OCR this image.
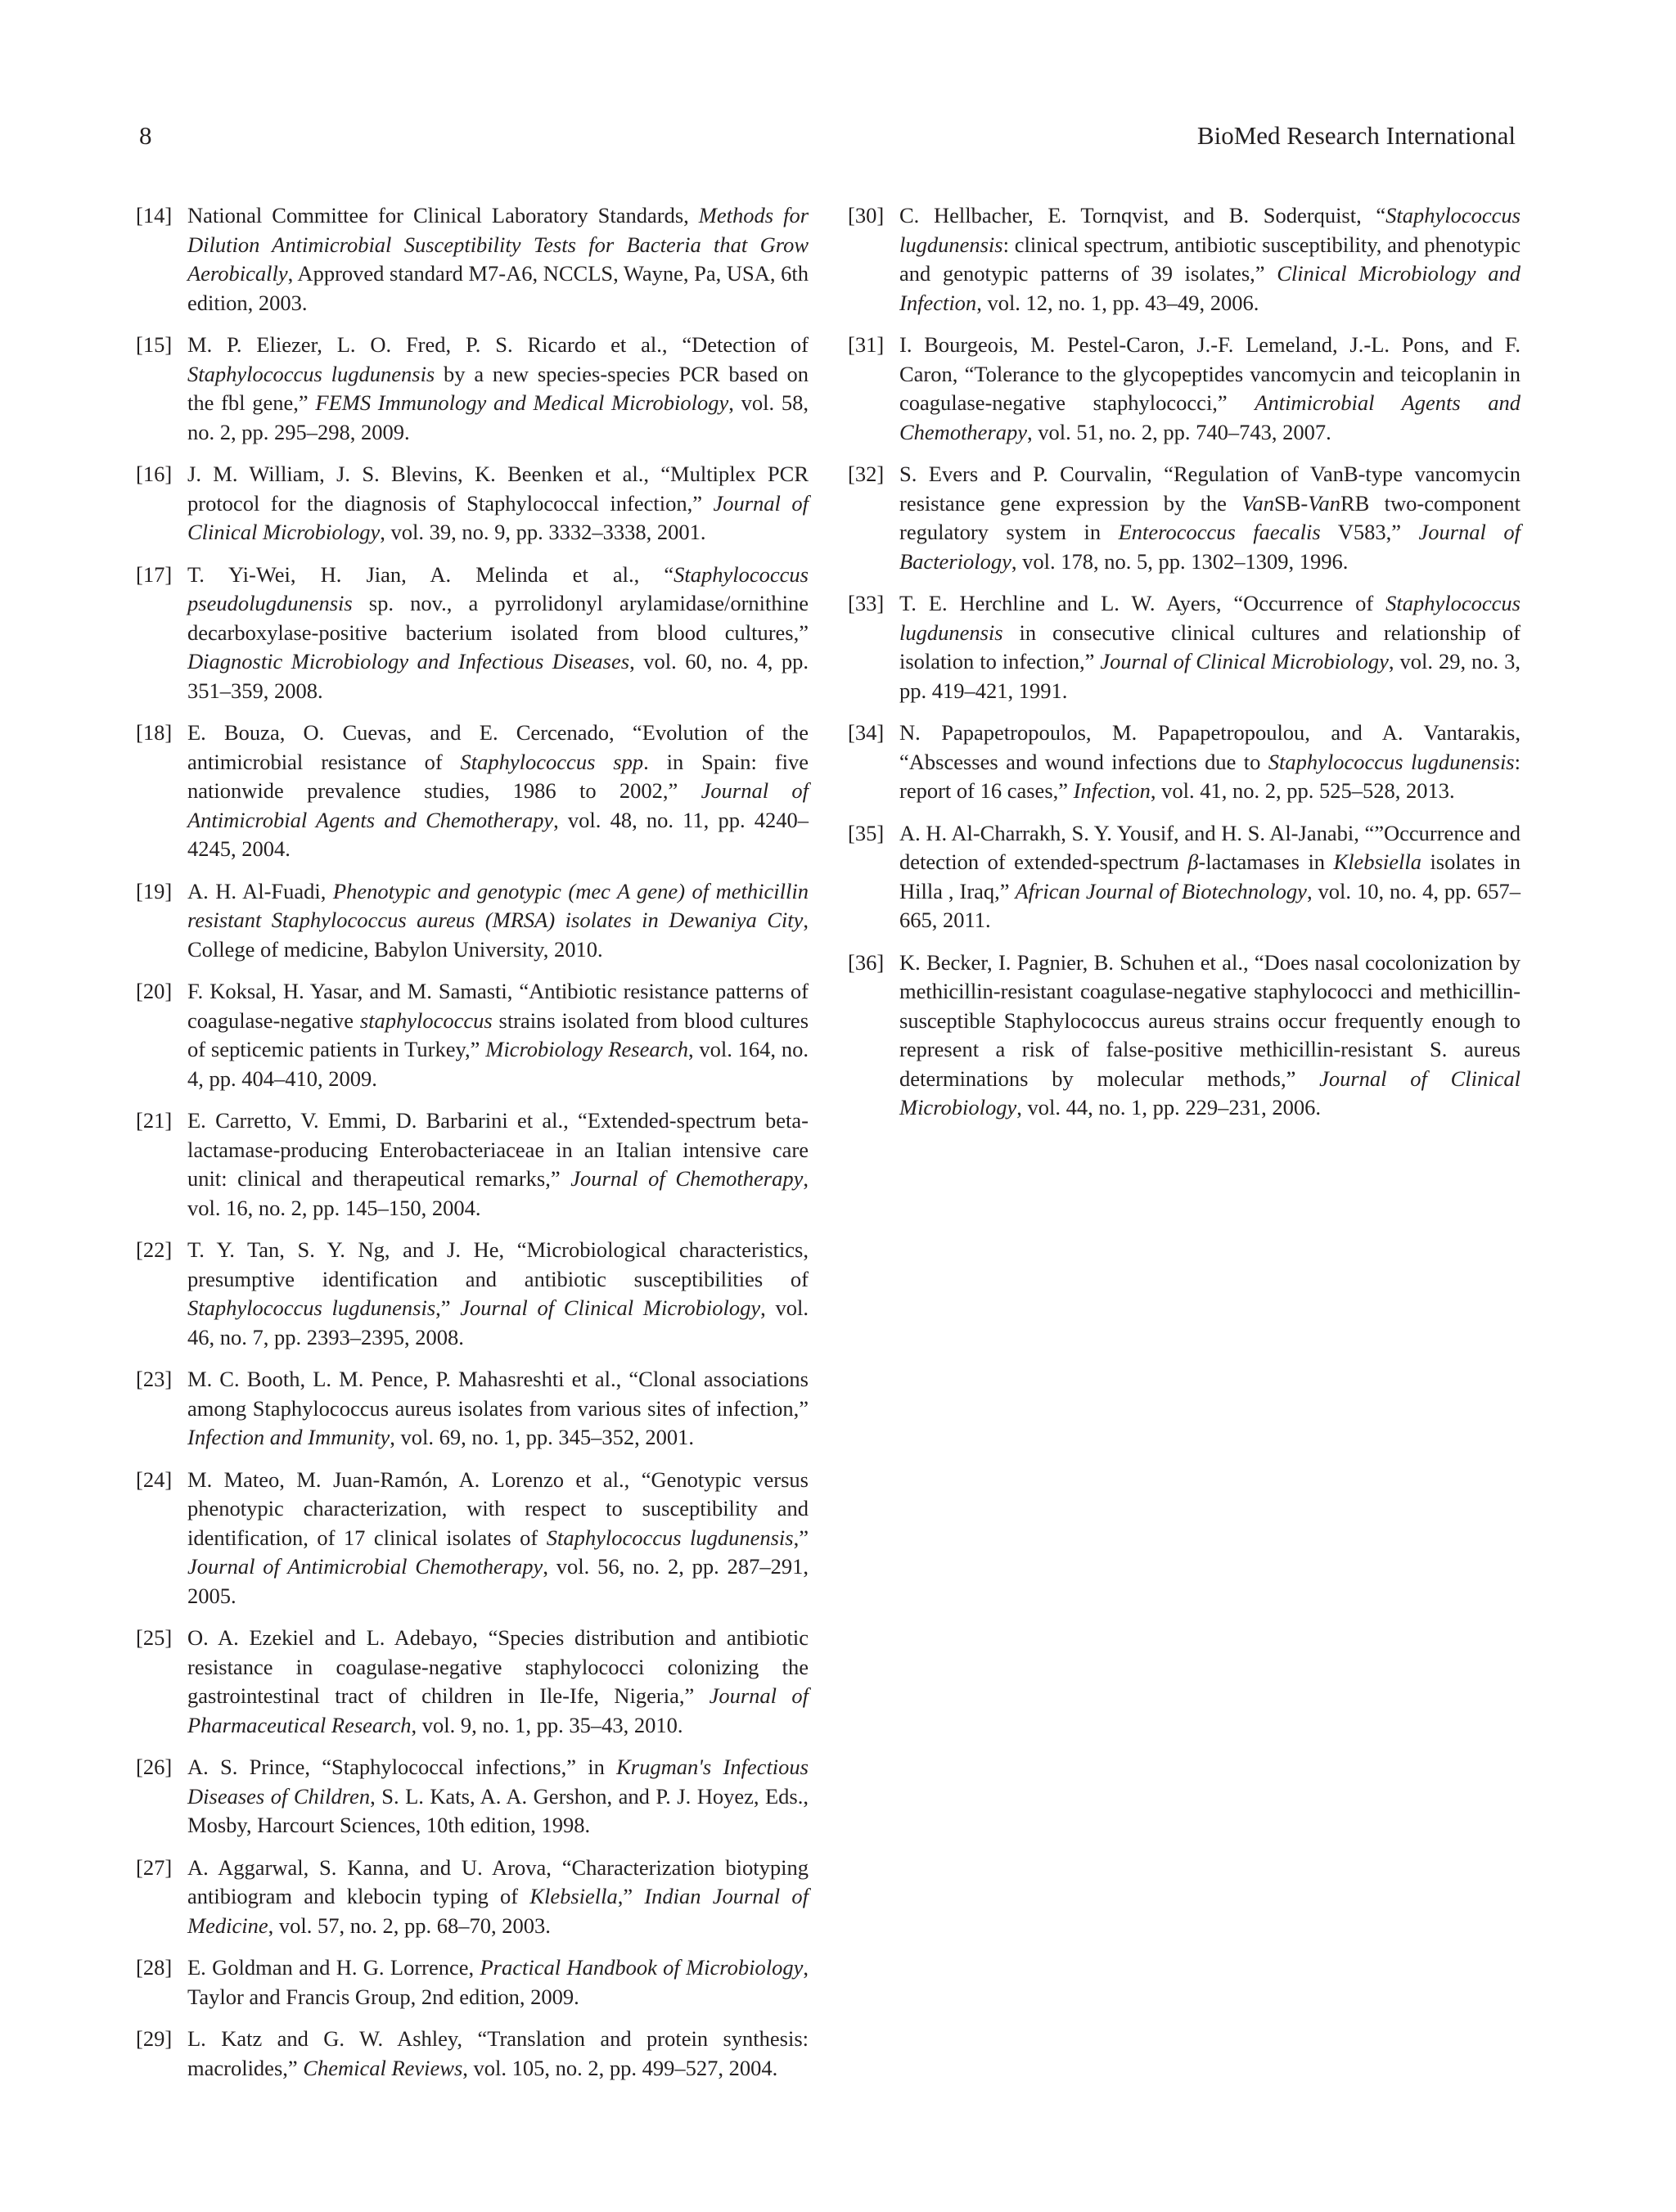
8	BioMed Research International
[14] National Committee for Clinical Laboratory Standards, Methods for Dilution Antimicrobial Susceptibility Tests for Bacteria that Grow Aerobically, Approved standard M7-A6, NCCLS, Wayne, Pa, USA, 6th edition, 2003.
[15] M. P. Eliezer, L. O. Fred, P. S. Ricardo et al., “Detection of Staphylococcus lugdunensis by a new species-species PCR based on the fbl gene,” FEMS Immunology and Medical Microbiology, vol. 58, no. 2, pp. 295–298, 2009.
[16] J. M. William, J. S. Blevins, K. Beenken et al., “Multiplex PCR protocol for the diagnosis of Staphylococcal infection,” Journal of Clinical Microbiology, vol. 39, no. 9, pp. 3332–3338, 2001.
[17] T. Yi-Wei, H. Jian, A. Melinda et al., “Staphylococcus pseudolugdunensis sp. nov., a pyrrolidonyl arylamidase/ornithine decarboxylase-positive bacterium isolated from blood cultures,” Diagnostic Microbiology and Infectious Diseases, vol. 60, no. 4, pp. 351–359, 2008.
[18] E. Bouza, O. Cuevas, and E. Cercenado, “Evolution of the antimicrobial resistance of Staphylococcus spp. in Spain: five nationwide prevalence studies, 1986 to 2002,” Journal of Antimicrobial Agents and Chemotherapy, vol. 48, no. 11, pp. 4240–4245, 2004.
[19] A. H. Al-Fuadi, Phenotypic and genotypic (mec A gene) of methicillin resistant Staphylococcus aureus (MRSA) isolates in Dewaniya City, College of medicine, Babylon University, 2010.
[20] F. Koksal, H. Yasar, and M. Samasti, “Antibiotic resistance patterns of coagulase-negative staphylococcus strains isolated from blood cultures of septicemic patients in Turkey,” Microbiology Research, vol. 164, no. 4, pp. 404–410, 2009.
[21] E. Carretto, V. Emmi, D. Barbarini et al., “Extended-spectrum beta-lactamase-producing Enterobacteriaceae in an Italian intensive care unit: clinical and therapeutical remarks,” Journal of Chemotherapy, vol. 16, no. 2, pp. 145–150, 2004.
[22] T. Y. Tan, S. Y. Ng, and J. He, “Microbiological characteristics, presumptive identification and antibiotic susceptibilities of Staphylococcus lugdunensis,” Journal of Clinical Microbiology, vol. 46, no. 7, pp. 2393–2395, 2008.
[23] M. C. Booth, L. M. Pence, P. Mahasreshti et al., “Clonal associations among Staphylococcus aureus isolates from various sites of infection,” Infection and Immunity, vol. 69, no. 1, pp. 345–352, 2001.
[24] M. Mateo, M. Juan-Ramón, A. Lorenzo et al., “Genotypic versus phenotypic characterization, with respect to susceptibility and identification, of 17 clinical isolates of Staphylococcus lugdunensis,” Journal of Antimicrobial Chemotherapy, vol. 56, no. 2, pp. 287–291, 2005.
[25] O. A. Ezekiel and L. Adebayo, “Species distribution and antibiotic resistance in coagulase-negative staphylococci colonizing the gastrointestinal tract of children in Ile-Ife, Nigeria,” Journal of Pharmaceutical Research, vol. 9, no. 1, pp. 35–43, 2010.
[26] A. S. Prince, “Staphylococcal infections,” in Krugman's Infectious Diseases of Children, S. L. Kats, A. A. Gershon, and P. J. Hoyez, Eds., Mosby, Harcourt Sciences, 10th edition, 1998.
[27] A. Aggarwal, S. Kanna, and U. Arova, “Characterization biotyping antibiogram and klebocin typing of Klebsiella,” Indian Journal of Medicine, vol. 57, no. 2, pp. 68–70, 2003.
[28] E. Goldman and H. G. Lorrence, Practical Handbook of Microbiology, Taylor and Francis Group, 2nd edition, 2009.
[29] L. Katz and G. W. Ashley, “Translation and protein synthesis: macrolides,” Chemical Reviews, vol. 105, no. 2, pp. 499–527, 2004.
[30] C. Hellbacher, E. Tornqvist, and B. Soderquist, “Staphylococcus lugdunensis: clinical spectrum, antibiotic susceptibility, and phenotypic and genotypic patterns of 39 isolates,” Clinical Microbiology and Infection, vol. 12, no. 1, pp. 43–49, 2006.
[31] I. Bourgeois, M. Pestel-Caron, J.-F. Lemeland, J.-L. Pons, and F. Caron, “Tolerance to the glycopeptides vancomycin and teicoplanin in coagulase-negative staphylococci,” Antimicrobial Agents and Chemotherapy, vol. 51, no. 2, pp. 740–743, 2007.
[32] S. Evers and P. Courvalin, “Regulation of VanB-type vancomycin resistance gene expression by the VanSB-VanRB two-component regulatory system in Enterococcus faecalis V583,” Journal of Bacteriology, vol. 178, no. 5, pp. 1302–1309, 1996.
[33] T. E. Herchline and L. W. Ayers, “Occurrence of Staphylococcus lugdunensis in consecutive clinical cultures and relationship of isolation to infection,” Journal of Clinical Microbiology, vol. 29, no. 3, pp. 419–421, 1991.
[34] N. Papapetropoulos, M. Papapetropoulou, and A. Vantarakis, “Abscesses and wound infections due to Staphylococcus lugdunensis: report of 16 cases,” Infection, vol. 41, no. 2, pp. 525–528, 2013.
[35] A. H. Al-Charrakh, S. Y. Yousif, and H. S. Al-Janabi, “”Occurrence and detection of extended-spectrum β-lactamases in Klebsiella isolates in Hilla , Iraq,” African Journal of Biotechnology, vol. 10, no. 4, pp. 657–665, 2011.
[36] K. Becker, I. Pagnier, B. Schuhen et al., “Does nasal cocolonization by methicillin-resistant coagulase-negative staphylococci and methicillin-susceptible Staphylococcus aureus strains occur frequently enough to represent a risk of false-positive methicillin-resistant S. aureus determinations by molecular methods,” Journal of Clinical Microbiology, vol. 44, no. 1, pp. 229–231, 2006.
